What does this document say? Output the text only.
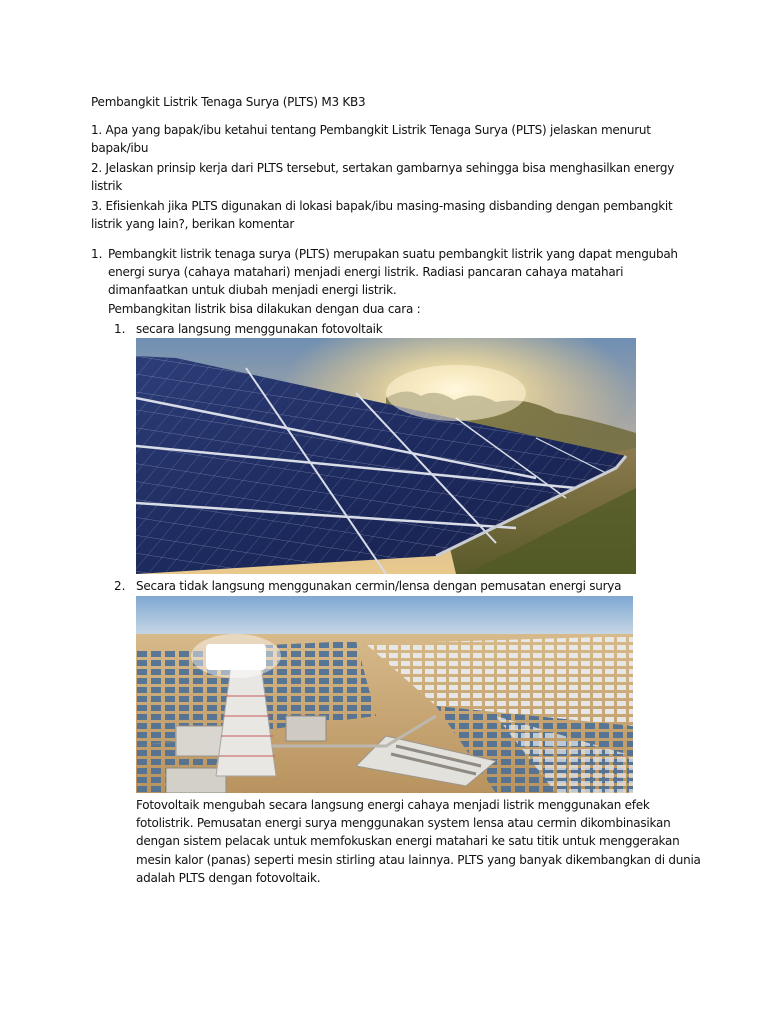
Pembangkit Listrik Tenaga Surya (PLTS) M3 KB3
1. Apa yang bapak/ibu ketahui tentang Pembangkit Listrik Tenaga Surya (PLTS) jelaskan menurut
bapak/ibu
2. Jelaskan prinsip kerja dari PLTS tersebut, sertakan gambarnya sehingga bisa menghasilkan energy
listrik
3. Efisienkah jika PLTS digunakan di lokasi bapak/ibu masing-masing disbanding dengan pembangkit
listrik yang lain?, berikan komentar
1. Pembangkit listrik tenaga surya (PLTS) merupakan suatu pembangkit listrik yang dapat mengubah
energi surya (cahaya matahari) menjadi energi listrik. Radiasi pancaran cahaya matahari
dimanfaatkan untuk diubah menjadi energi listrik.
Pembangkitan listrik bisa dilakukan dengan dua cara :
1. secara langsung menggunakan fotovoltaik
2. Secara tidak langsung menggunakan cermin/lensa dengan pemusatan energi surya
Fotovoltaik mengubah secara langsung energi cahaya menjadi listrik menggunakan efek
fotolistrik. Pemusatan energi surya menggunakan system lensa atau cermin dikombinasikan
dengan sistem pelacak untuk memfokuskan energi matahari ke satu titik untuk menggerakan
mesin kalor (panas) seperti mesin stirling atau lainnya. PLTS yang banyak dikembangkan di dunia
adalah PLTS dengan fotovoltaik.
